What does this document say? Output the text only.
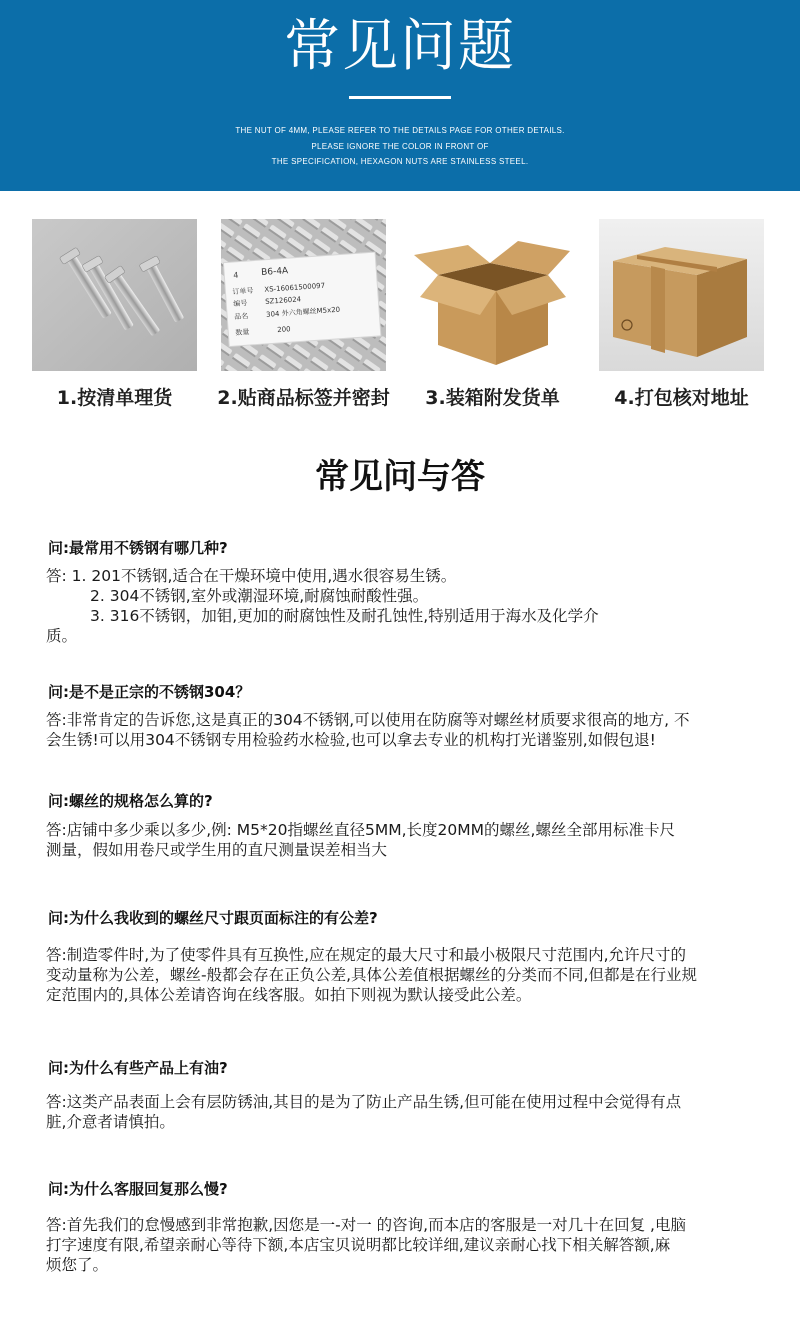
常见问题
THE NUT OF 4MM, PLEASE REFER TO THE DETAILS PAGE FOR OTHER DETAILS.
PLEASE IGNORE THE COLOR IN FRONT OF
THE SPECIFICATION, HEXAGON NUTS ARE STAINLESS STEEL.
4 B6-4A
订单号 XS-16061500097
编号 SZ126024
品名 304 外六角螺丝M5x20
数量	200
1.按清单理货	2.贴商品标签并密封	3.装箱附发货单	4.打包核对地址
常见问与答
问:最常用不锈钢有哪几种?
答: 1. 201不锈钢,适合在干燥环境中使用,遇水很容易生锈。
2. 304不锈钢,室外或潮湿环境,耐腐蚀耐酸性强。
3. 316不锈钢，加钼,更加的耐腐蚀性及耐孔蚀性,特别适用于海水及化学介
质。
问:是不是正宗的不锈钢304？
答:非常肯定的告诉您,这是真正的304不锈钢,可以使用在防腐等对螺丝材质要求很高的地方, 不
会生锈!可以用304不锈钢专用检验药水检验,也可以拿去专业的机构打光谱鉴别,如假包退!
问:螺丝的规格怎么算的?
答:店铺中多少乘以多少,例: M5*20指螺丝直径5MM,长度20MM的螺丝,螺丝全部用标准卡尺
测量，假如用卷尺或学生用的直尺测量误差相当大
问:为什么我收到的螺丝尺寸跟页面标注的有公差?
答:制造零件时,为了使零件具有互换性,应在规定的最大尺寸和最小极限尺寸范围内,允许尺寸的
变动量称为公差，螺丝-般都会存在正负公差,具体公差值根据螺丝的分类而不同,但都是在行业规
定范围内的,具体公差请咨询在线客服。如拍下则视为默认接受此公差。
问:为什么有些产品上有油?
答:这类产品表面上会有层防锈油,其目的是为了防止产品生锈,但可能在使用过程中会觉得有点
脏,介意者请慎拍。
问:为什么客服回复那么慢?
答:首先我们的怠慢感到非常抱歉,因您是一-对一 的咨询,而本店的客服是一对几十在回复 ,电脑
打字速度有限,希望亲耐心等待下额,本店宝贝说明都比较详细,建议亲耐心找下相关解答额,麻
烦您了。
